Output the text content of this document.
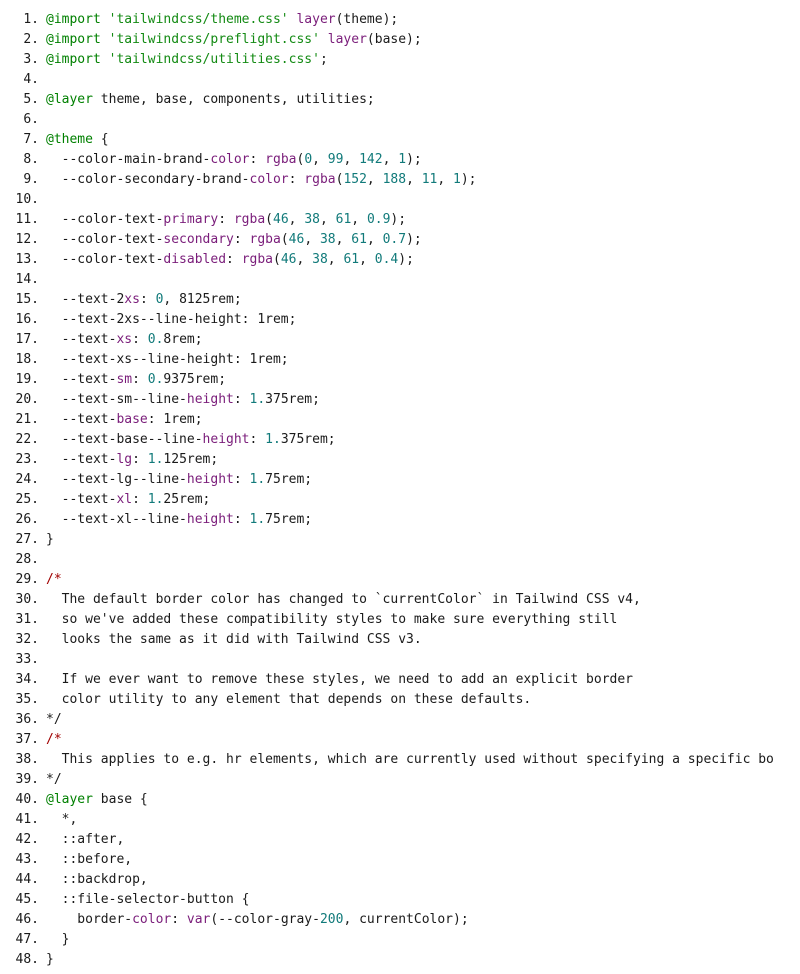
1. @import 'tailwindcss/theme.css' layer(theme);
2. @import 'tailwindcss/preflight.css' layer(base);
3. @import 'tailwindcss/utilities.css';
4.
5. @layer theme, base, components, utilities;
6.
7. @theme {
8.  --color-main-brand-color: rgba(0, 99, 142, 1);
9.  --color-secondary-brand-color: rgba(152, 188, 11, 1);
10.
11.  --color-text-primary: rgba(46, 38, 61, 0.9);
12.  --color-text-secondary: rgba(46, 38, 61, 0.7);
13.  --color-text-disabled: rgba(46, 38, 61, 0.4);
14.
15.  --text-2xs: 0, 8125rem;
16.  --text-2xs--line-height: 1rem;
17.  --text-xs: 0.8rem;
18.  --text-xs--line-height: 1rem;
19.  --text-sm: 0.9375rem;
20.  --text-sm--line-height: 1.375rem;
21.  --text-base: 1rem;
22.  --text-base--line-height: 1.375rem;
23.  --text-lg: 1.125rem;
24.  --text-lg--line-height: 1.75rem;
25.  --text-xl: 1.25rem;
26.  --text-xl--line-height: 1.75rem;
27. }
28.
29. /*
30.  The default border color has changed to `currentColor` in Tailwind CSS v4,
31.  so we've added these compatibility styles to make sure everything still
32.  looks the same as it did with Tailwind CSS v3.
33.
34.  If we ever want to remove these styles, we need to add an explicit border
35.  color utility to any element that depends on these defaults.
36. */
37. /*
38.  This applies to e.g. hr elements, which are currently used without specifying a specific bo
39. */
40. @layer base {
41.  *,
42.  ::after,
43.  ::before,
44.  ::backdrop,
45.  ::file-selector-button {
46.    border-color: var(--color-gray-200, currentColor);
47.  }
48. }
